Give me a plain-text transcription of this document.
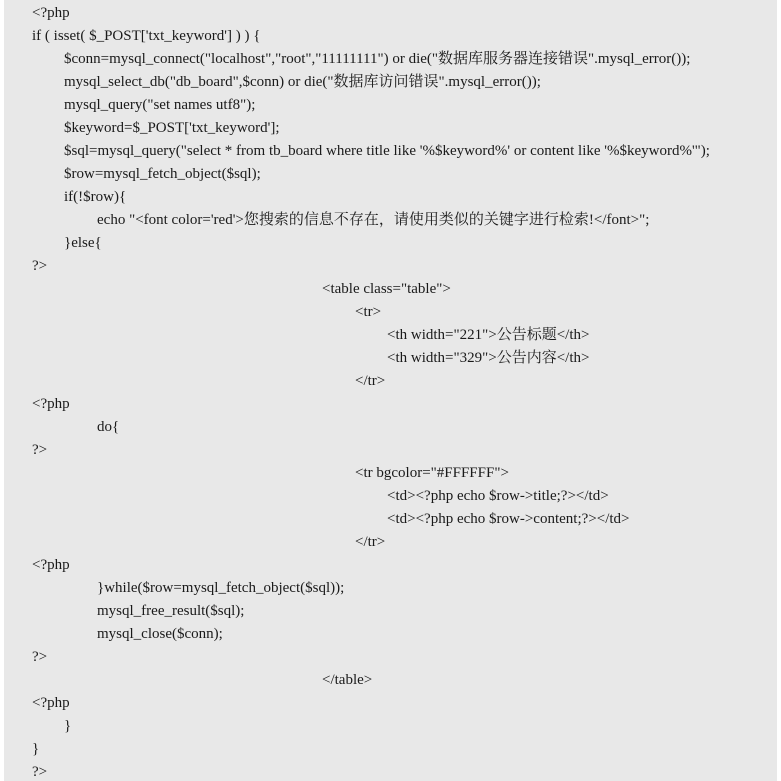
<?php
if ( isset( $_POST['txt_keyword'] ) ) {
$conn=mysql_connect("localhost","root","11111111") or die("数据库服务器连接错误".mysql_error());
mysql_select_db("db_board",$conn) or die("数据库访问错误".mysql_error());
mysql_query("set names utf8");
$keyword=$_POST['txt_keyword'];
$sql=mysql_query("select * from tb_board where title like '%$keyword%' or content like '%$keyword%'");
$row=mysql_fetch_object($sql);
if(!$row){
echo "<font color='red'>您搜索的信息不存在，请使用类似的关键字进行检索!</font>";
}else{
?>
<table class="table">
<tr>
<th width="221">公告标题</th>
<th width="329">公告内容</th>
</tr>
<?php
do{
?>
<tr bgcolor="#FFFFFF">
<td><?php echo $row->title;?></td>
<td><?php echo $row->content;?></td>
</tr>
<?php
}while($row=mysql_fetch_object($sql));
mysql_free_result($sql);
mysql_close($conn);
?>
</table>
<?php
}
}
?>
